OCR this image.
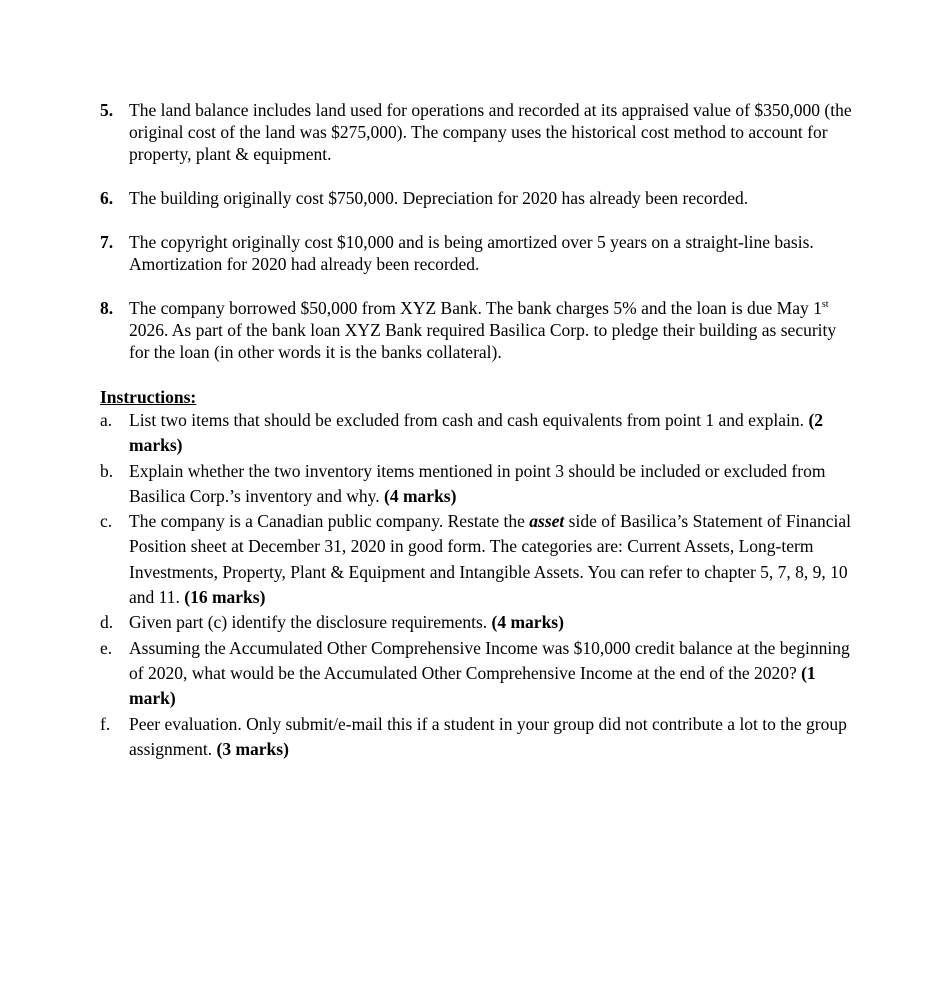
5. The land balance includes land used for operations and recorded at its appraised value of $350,000 (the original cost of the land was $275,000). The company uses the historical cost method to account for property, plant & equipment.
6. The building originally cost $750,000. Depreciation for 2020 has already been recorded.
7. The copyright originally cost $10,000 and is being amortized over 5 years on a straight-line basis. Amortization for 2020 had already been recorded.
8. The company borrowed $50,000 from XYZ Bank. The bank charges 5% and the loan is due May 1st 2026. As part of the bank loan XYZ Bank required Basilica Corp. to pledge their building as security for the loan (in other words it is the banks collateral).

Instructions:

a. List two items that should be excluded from cash and cash equivalents from point 1 and explain. (2 marks)
b. Explain whether the two inventory items mentioned in point 3 should be included or excluded from Basilica Corp.’s inventory and why. (4 marks)
c. The company is a Canadian public company. Restate the asset side of Basilica’s Statement of Financial Position sheet at December 31, 2020 in good form. The categories are: Current Assets, Long-term Investments, Property, Plant & Equipment and Intangible Assets. You can refer to chapter 5, 7, 8, 9, 10 and 11. (16 marks)
d. Given part (c) identify the disclosure requirements. (4 marks)
e. Assuming the Accumulated Other Comprehensive Income was $10,000 credit balance at the beginning of 2020, what would be the Accumulated Other Comprehensive Income at the end of the 2020? (1 mark)
f.	Peer evaluation. Only submit/e-mail this if a student in your group did not contribute a lot to the group assignment. (3 marks)
